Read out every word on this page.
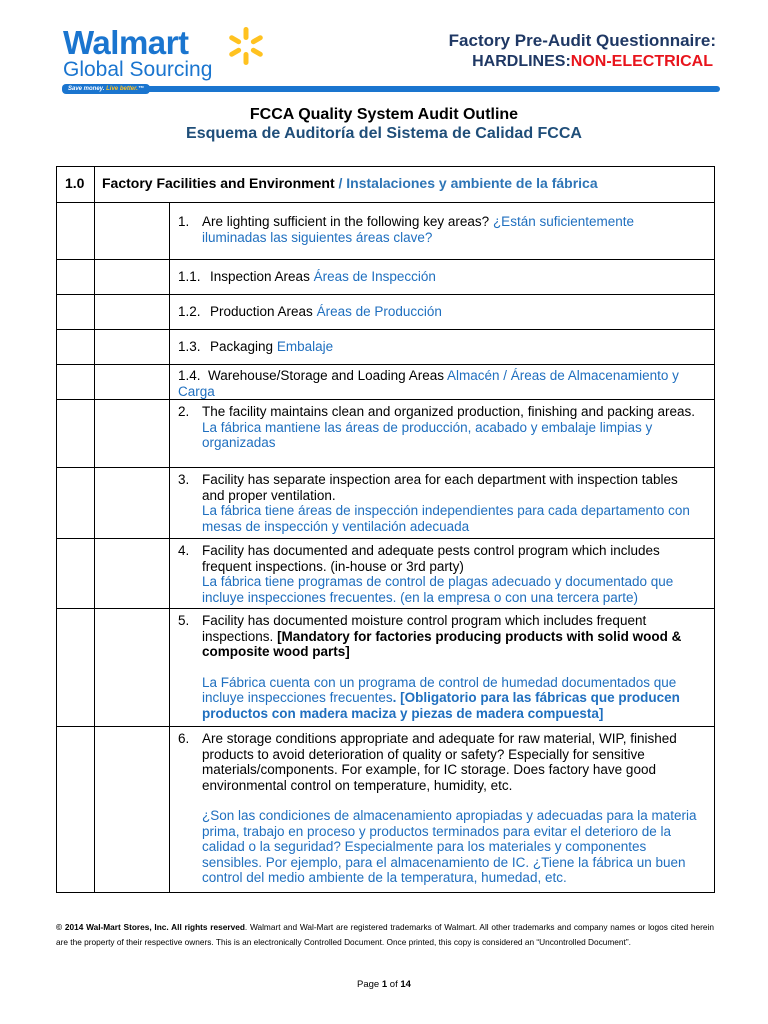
Walmart
Global Sourcing
Save money. Live better.™
Factory Pre-Audit Questionnaire:
HARDLINES:NON-ELECTRICAL
FCCA Quality System Audit Outline
Esquema de Auditoría del Sistema de Calidad FCCA
1.0	Factory Facilities and Environment / Instalaciones y ambiente de la fábrica	

		1. Are lighting sufficient in the following key areas? ¿Están suficientemente iluminadas las siguientes áreas clave?

		1.1. Inspection Areas Áreas de Inspección

		1.2. Production Areas Áreas de Producción

		1.3. Packaging Embalaje

		1.4. Warehouse/Storage and Loading Areas Almacén / Áreas de Almacenamiento y Carga

		2. The facility maintains clean and organized production, finishing and packing areas.
La fábrica mantiene las áreas de producción, acabado y embalaje limpias y organizadas

		3. Facility has separate inspection area for each department with inspection tables and proper ventilation.
La fábrica tiene áreas de inspección independientes para cada departamento con mesas de inspección y ventilación adecuada

		4. Facility has documented and adequate pests control program which includes frequent inspections. (in-house or 3rd party)
La fábrica tiene programas de control de plagas adecuado y documentado que incluye inspecciones frecuentes. (en la empresa o con una tercera parte)

		5. Facility has documented moisture control program which includes frequent inspections. [Mandatory for factories producing products with solid wood & composite wood parts]
La Fábrica cuenta con un programa de control de humedad documentados que incluye inspecciones frecuentes. [Obligatorio para las fábricas que producen productos con madera maciza y piezas de madera compuesta]

		6. Are storage conditions appropriate and adequate for raw material, WIP, finished products to avoid deterioration of quality or safety? Especially for sensitive materials/components. For example, for IC storage. Does factory have good environmental control on temperature, humidity, etc.
¿Son las condiciones de almacenamiento apropiadas y adecuadas para la materia prima, trabajo en proceso y productos terminados para evitar el deterioro de la calidad o la seguridad? Especialmente para los materiales y componentes sensibles. Por ejemplo, para el almacenamiento de IC. ¿Tiene la fábrica un buen control del medio ambiente de la temperatura, humedad, etc.
© 2014 Wal-Mart Stores, Inc. All rights reserved. Walmart and Wal-Mart are registered trademarks of Walmart. All other trademarks and company names or logos cited herein are the property of their respective owners. This is an electronically Controlled Document. Once printed, this copy is considered an “Uncontrolled Document”.
Page 1 of 14
